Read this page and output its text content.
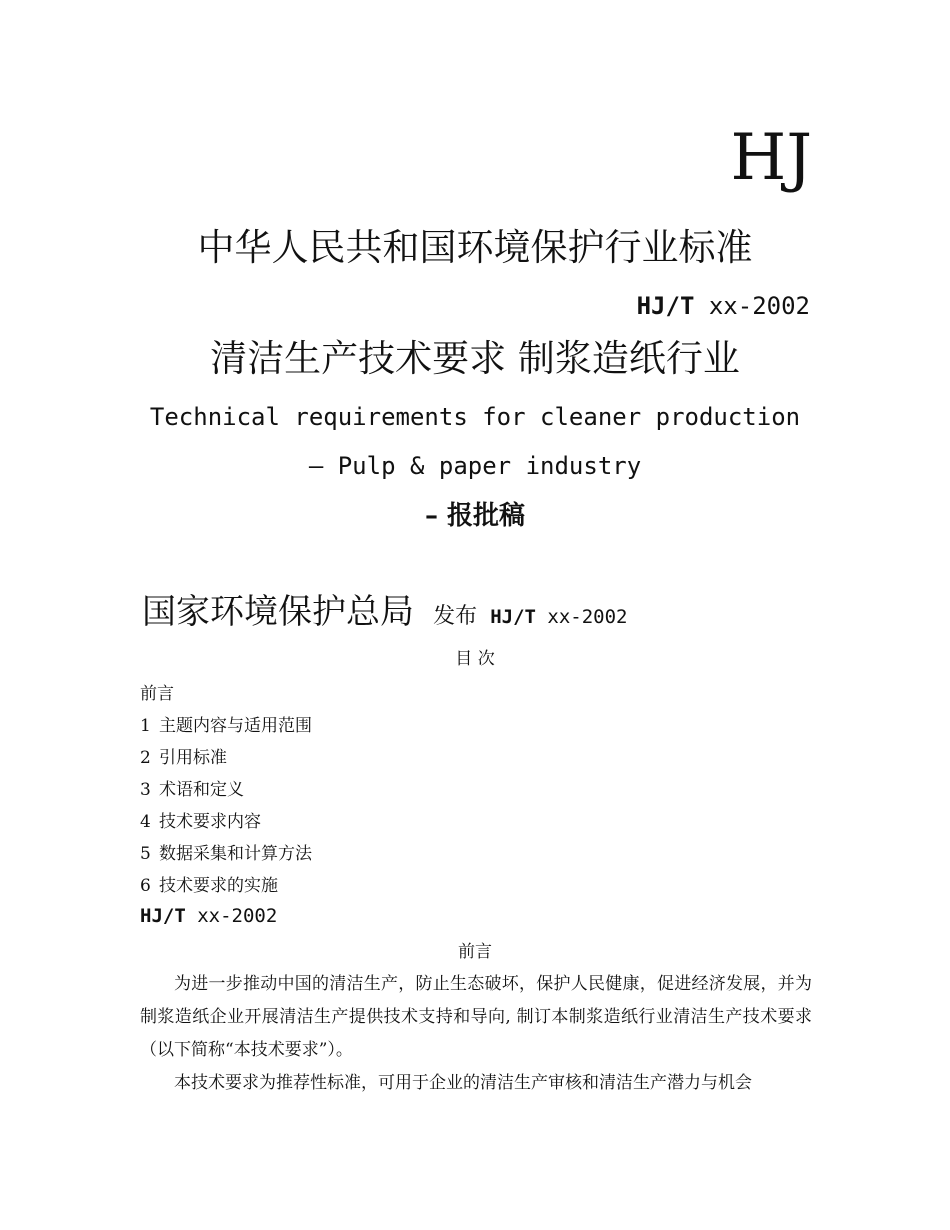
HJ
中华人民共和国环境保护行业标准
HJ/T xx-2002
清洁生产技术要求 制浆造纸行业
Technical requirements for cleaner production
– Pulp & paper industry
– 报批稿
国家环境保护总局 发布 HJ/T xx-2002
目 次
前言
1 主题内容与适用范围
2 引用标准
3 术语和定义
4 技术要求内容
5 数据采集和计算方法
6 技术要求的实施
HJ/T xx-2002
前言

为进一步推动中国的清洁生产，防止生态破坏，保护人民健康，促进经济发展，并为制浆造纸企业开展清洁生产提供技术支持和导向, 制订本制浆造纸行业清洁生产技术要求（以下简称“本技术要求”）。

本技术要求为推荐性标准，可用于企业的清洁生产审核和清洁生产潜力与机会
